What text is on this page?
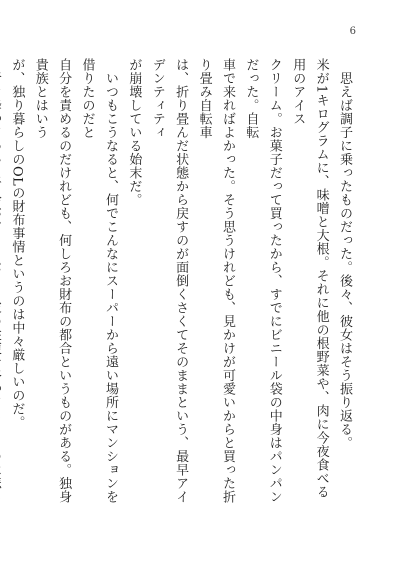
6

　思えば調子に乗ったものだった。後々、彼女はそう振り返る。
米が1キログラムに、味噌と大根。それに他の根野菜や、肉に今夜食べる用のアイス
クリーム。お菓子だって買ったから、すでにビニール袋の中身はパンパンだった。自転
車で来ればよかった。そう思うけれども、見かけが可愛いからと買った折り畳み自転車
は、折り畳んだ状態から戻すのが面倒くさくてそのままという、最早アイデンティティ
が崩壊している始末だ。

　いつもこうなると、何でこんなにスーパーから遠い場所にマンションを借りたのだと
自分を責めるのだけれども、何しろお財布の都合というものがある。独身貴族とはいう
が、独り暮らしのOLの財布事情というのは中々厳しいのだ。
